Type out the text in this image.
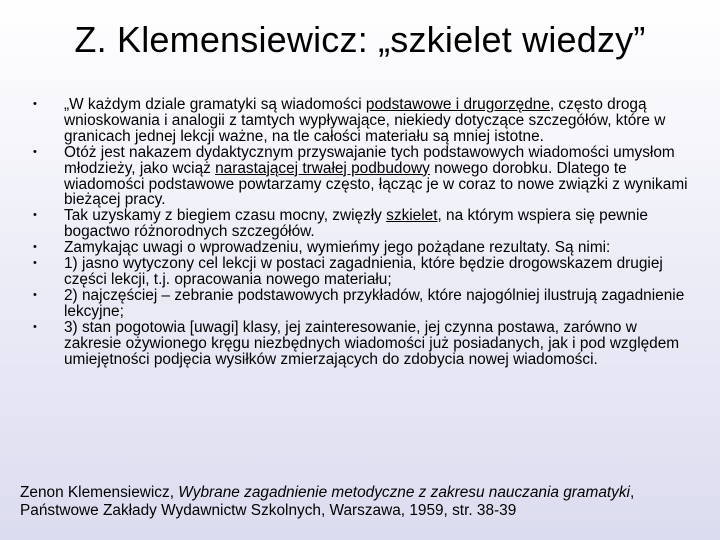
Z. Klemensiewicz: „szkielet wiedzy”
• „W każdym dziale gramatyki są wiadomości podstawowe i drugorzędne, często drogą wnioskowania i analogii z tamtych wypływające, niekiedy dotyczące szczegółów, które w granicach jednej lekcji ważne, na tle całości materiału są mniej istotne.
• Otóż jest nakazem dydaktycznym przyswajanie tych podstawowych wiadomości umysłom młodzieży, jako wciąż narastającej trwałej podbudowy nowego dorobku. Dlatego te wiadomości podstawowe powtarzamy często, łącząc je w coraz to nowe związki z wynikami bieżącej pracy.
• Tak uzyskamy z biegiem czasu mocny, zwięzły szkielet, na którym wspiera się pewnie bogactwo różnorodnych szczegółów.
• Zamykając uwagi o wprowadzeniu, wymieńmy jego pożądane rezultaty. Są nimi:
• 1) jasno wytyczony cel lekcji w postaci zagadnienia, które będzie drogowskazem drugiej części lekcji, t.j. opracowania nowego materiału;
• 2) najczęściej – zebranie podstawowych przykładów, które najogólniej ilustrują zagadnienie lekcyjne;
• 3) stan pogotowia [uwagi] klasy, jej zainteresowanie, jej czynna postawa, zarówno w zakresie ożywionego kręgu niezbędnych wiadomości już posiadanych, jak i pod względem umiejętności podjęcia wysiłków zmierzających do zdobycia nowej wiadomości.
Zenon Klemensiewicz, Wybrane zagadnienie metodyczne z zakresu nauczania gramatyki, Państwowe Zakłady Wydawnictw Szkolnych, Warszawa, 1959, str. 38-39
